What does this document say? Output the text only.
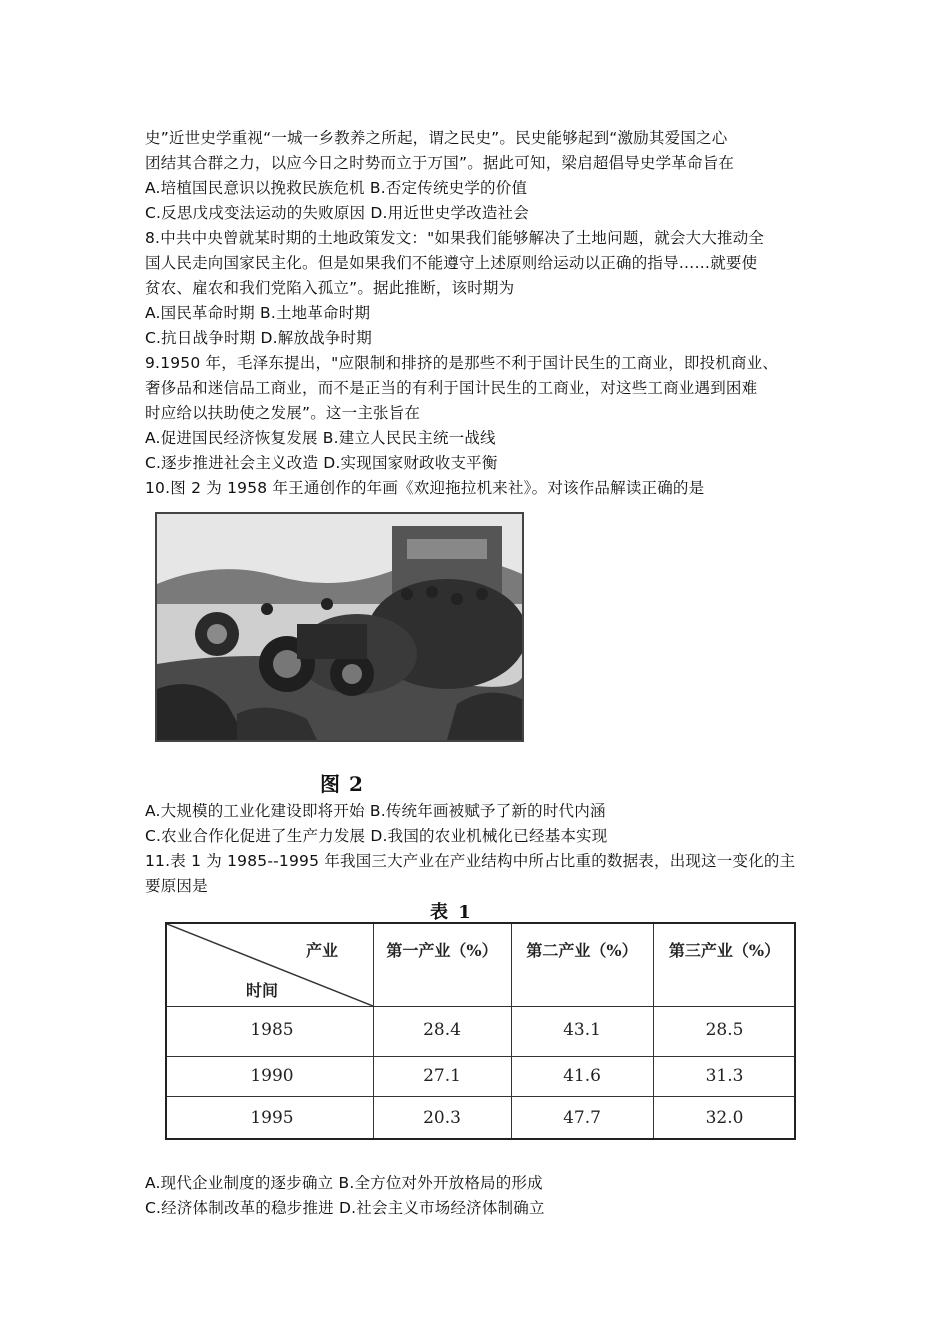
史”近世史学重视“一城一乡教养之所起，谓之民史”。民史能够起到“激励其爱国之心
团结其合群之力，以应今日之时势而立于万国”。据此可知，梁启超倡导史学革命旨在
A.培植国民意识以挽救民族危机 B.否定传统史学的价值
C.反思戊戌变法运动的失败原因 D.用近世史学改造社会
8.中共中央曾就某时期的土地政策发文："如果我们能够解决了土地问题，就会大大推动全
国人民走向国家民主化。但是如果我们不能遵守上述原则给运动以正确的指导……就要使
贫农、雇农和我们党陷入孤立”。据此推断，该时期为
A.国民革命时期 B.土地革命时期
C.抗日战争时期 D.解放战争时期
9.1950 年，毛泽东提出，"应限制和排挤的是那些不利于国计民生的工商业，即投机商业、
奢侈品和迷信品工商业，而不是正当的有利于国计民生的工商业，对这些工商业遇到困难
时应给以扶助使之发展”。这一主张旨在
A.促进国民经济恢复发展 B.建立人民民主统一战线
C.逐步推进社会主义改造 D.实现国家财政收支平衡
10.图 2 为 1958 年王通创作的年画《欢迎拖拉机来社》。对该作品解读正确的是
图 2
A.大规模的工业化建设即将开始 B.传统年画被赋予了新的时代内涵
C.农业合作化促进了生产力发展 D.我国的农业机械化已经基本实现
11.表 1 为 1985--1995 年我国三大产业在产业结构中所占比重的数据表，出现这一变化的主
要原因是
表 1
产业
时间
第一产业（%）	第二产业（%）	第三产业（%）
1985	28.4	43.1	28.5
1990	27.1	41.6	31.3
1995	20.3	47.7	32.0
A.现代企业制度的逐步确立 B.全方位对外开放格局的形成
C.经济体制改革的稳步推进 D.社会主义市场经济体制确立
